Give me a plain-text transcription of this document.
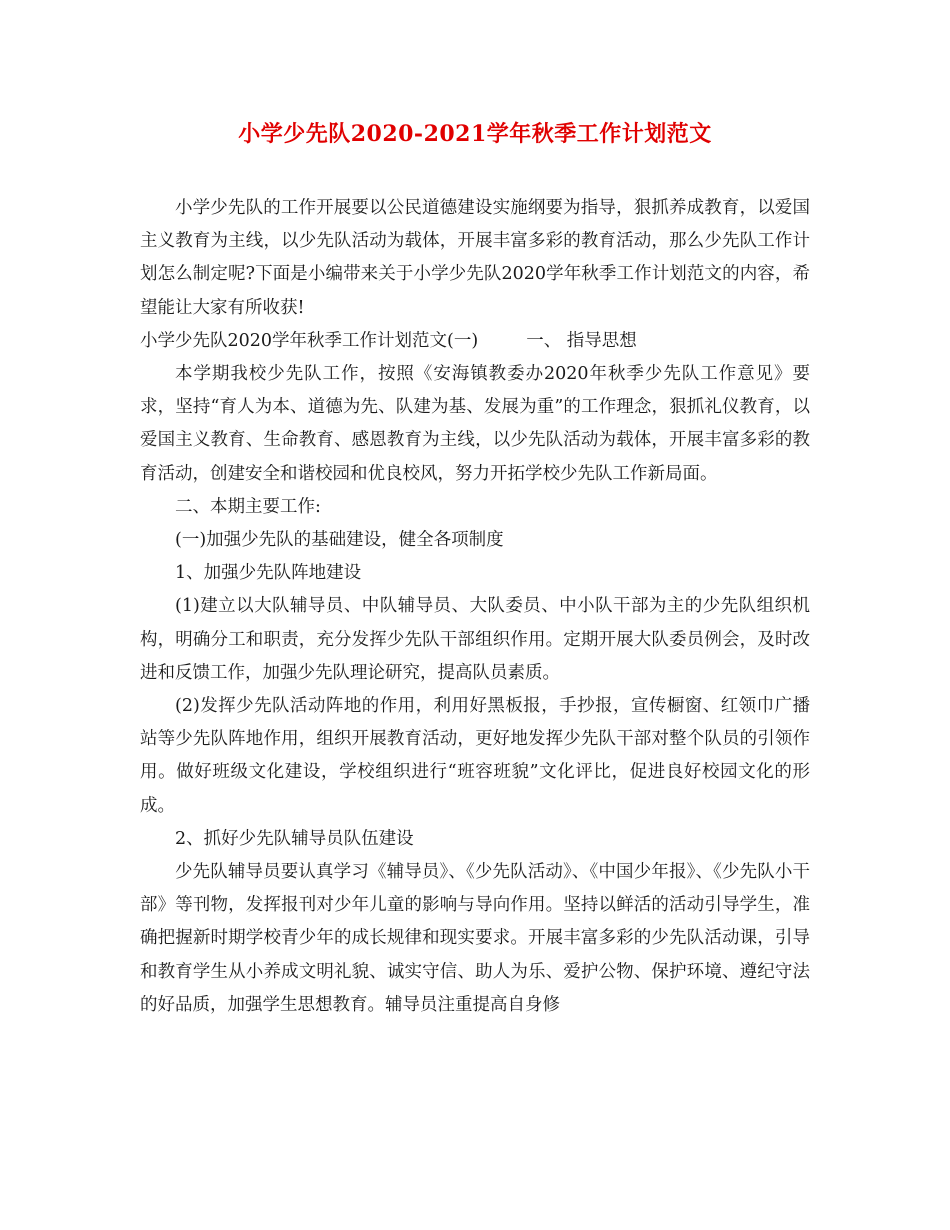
小学少先队2020-2021学年秋季工作计划范文

小学少先队的工作开展要以公民道德建设实施纲要为指导，狠抓养成教育，以爱国主义教育为主线，以少先队活动为载体，开展丰富多彩的教育活动，那么少先队工作计划怎么制定呢?下面是小编带来关于小学少先队2020学年秋季工作计划范文的内容，希望能让大家有所收获!

小学少先队2020学年秋季工作计划范文(一)	一、 指导思想

本学期我校少先队工作，按照《安海镇教委办2020年秋季少先队工作意见》要求，坚持“育人为本、道德为先、队建为基、发展为重”的工作理念，狠抓礼仪教育，以爱国主义教育、生命教育、感恩教育为主线，以少先队活动为载体，开展丰富多彩的教育活动，创建安全和谐校园和优良校风，努力开拓学校少先队工作新局面。

二、本期主要工作:

(一)加强少先队的基础建设，健全各项制度

1、加强少先队阵地建设

(1)建立以大队辅导员、中队辅导员、大队委员、中小队干部为主的少先队组织机构，明确分工和职责，充分发挥少先队干部组织作用。定期开展大队委员例会，及时改进和反馈工作，加强少先队理论研究，提高队员素质。

(2)发挥少先队活动阵地的作用，利用好黑板报，手抄报，宣传橱窗、红领巾广播站等少先队阵地作用，组织开展教育活动，更好地发挥少先队干部对整个队员的引领作用。做好班级文化建设，学校组织进行“班容班貌”文化评比，促进良好校园文化的形成。

2、抓好少先队辅导员队伍建设

少先队辅导员要认真学习《辅导员》、《少先队活动》、《中国少年报》、《少先队小干部》等刊物，发挥报刊对少年儿童的影响与导向作用。坚持以鲜活的活动引导学生，准确把握新时期学校青少年的成长规律和现实要求。开展丰富多彩的少先队活动课，引导和教育学生从小养成文明礼貌、诚实守信、助人为乐、爱护公物、保护环境、遵纪守法的好品质，加强学生思想教育。辅导员注重提高自身修
